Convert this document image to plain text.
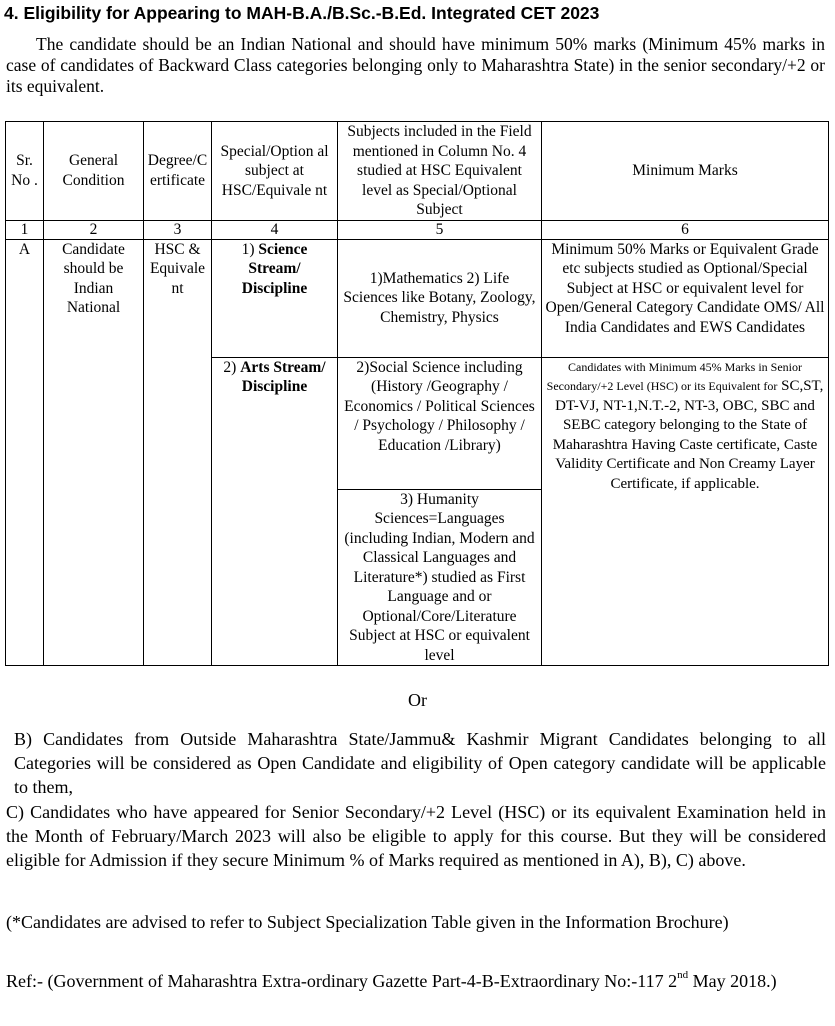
4. Eligibility for Appearing to MAH-B.A./B.Sc.-B.Ed. Integrated CET 2023

The candidate should be an Indian National and should have minimum 50% marks (Minimum 45% marks in case of candidates of Backward Class categories belonging only to Maharashtra State) in the senior secondary/+2 or its equivalent.

Sr. No .	General Condition	Degree/C ertificate	Special/Option al subject at HSC/Equivale nt	Subjects included in the Field mentioned in Column No. 4 studied at HSC Equivalent level as Special/Optional Subject	Minimum Marks
1	2	3	4	5	6
A	Candidate should be Indian National	HSC & Equivale nt	1) Science Stream/ Discipline	1)Mathematics 2) Life Sciences like Botany, Zoology, Chemistry, Physics	Minimum 50% Marks or Equivalent Grade etc subjects studied as Optional/Special Subject at HSC or equivalent level for Open/General Category Candidate OMS/ All India Candidates and EWS Candidates
			2) Arts Stream/ Discipline	2)Social Science including (History /Geography / Economics / Political Sciences / Psychology / Philosophy / Education /Library)	Candidates with Minimum 45% Marks in Senior Secondary/+2 Level (HSC) or its Equivalent for SC,ST, DT-VJ, NT-1,N.T.-2, NT-3, OBC, SBC and SEBC category belonging to the State of Maharashtra Having Caste certificate, Caste Validity Certificate and Non Creamy Layer Certificate, if applicable.
				3) Humanity Sciences=Languages (including Indian, Modern and Classical Languages and Literature*) studied as First Language and or Optional/Core/Literature Subject at HSC or equivalent level	
Or

B) Candidates from Outside Maharashtra State/Jammu& Kashmir Migrant Candidates belonging to all Categories will be considered as Open Candidate and eligibility of Open category candidate will be applicable to them,

C) Candidates who have appeared for Senior Secondary/+2 Level (HSC) or its equivalent Examination held in the Month of February/March 2023 will also be eligible to apply for this course. But they will be considered eligible for Admission if they secure Minimum % of Marks required as mentioned in A), B), C) above.

(*Candidates are advised to refer to Subject Specialization Table given in the Information Brochure)

Ref:- (Government of Maharashtra Extra-ordinary Gazette Part-4-B-Extraordinary No:-117 2nd May 2018.)
